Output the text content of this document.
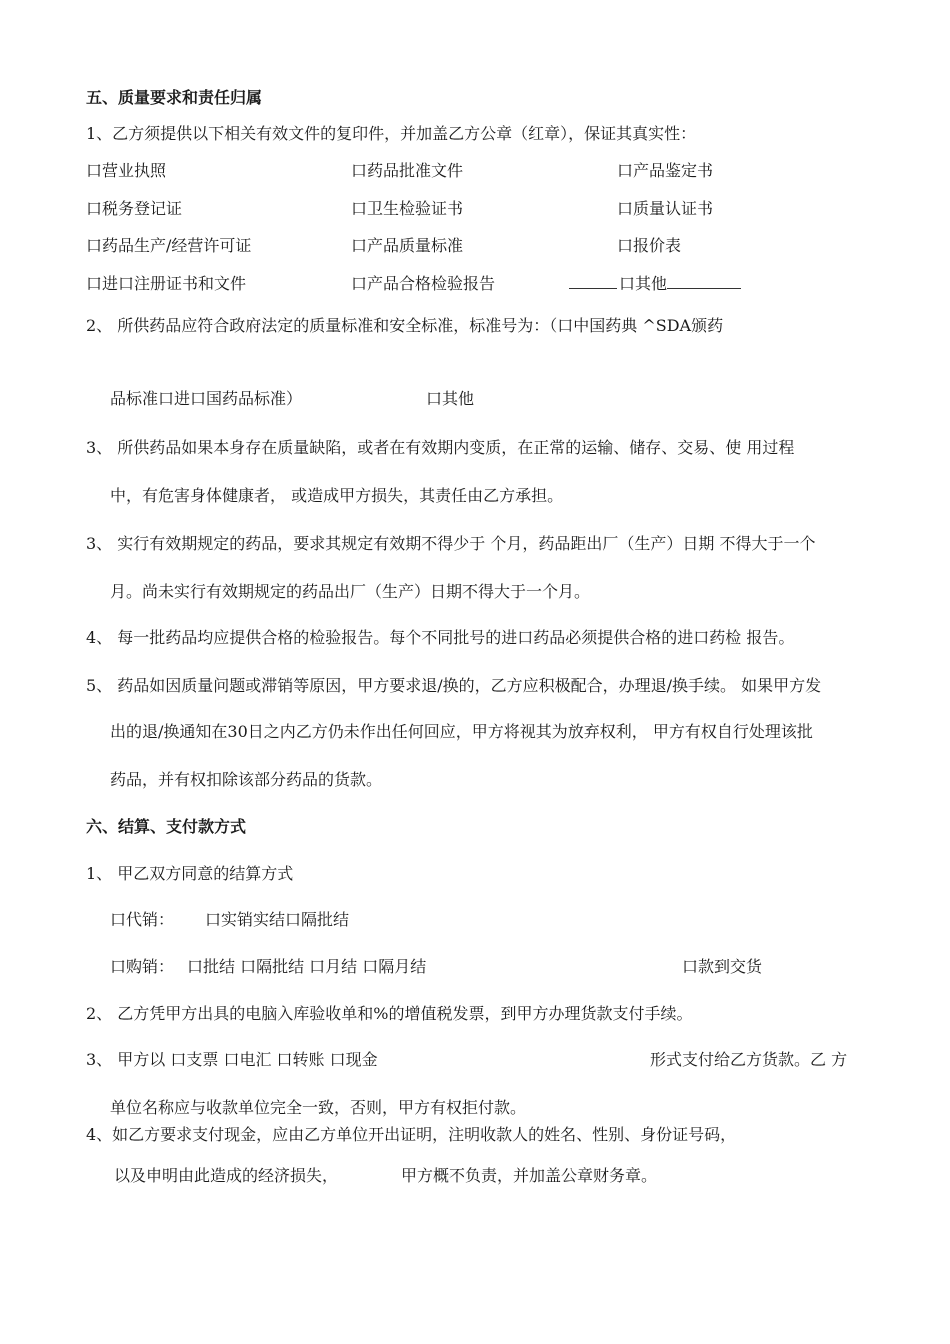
五、质量要求和责任归属
1、乙方须提供以下相关有效文件的复印件，并加盖乙方公章（红章），保证其真实性：
口营业执照	口药品批准文件	口产品鉴定书
口税务登记证	口卫生检验证书	口质量认证书
口药品生产/经营许可证	口产品质量标准	口报价表
口进口注册证书和文件	口产品合格检验报告	口其他
2、 所供药品应符合政府法定的质量标准和安全标准，标准号为：（口中国药典 ^SDA颁药
品标准口进口国药品标准）	口其他
3、 所供药品如果本身存在质量缺陷，或者在有效期内变质，在正常的运输、储存、交易、使 用过程
中，有危害身体健康者， 或造成甲方损失，其责任由乙方承担。
3、 实行有效期规定的药品，要求其规定有效期不得少于 个月，药品距出厂（生产）日期 不得大于一个
月。尚未实行有效期规定的药品出厂（生产）日期不得大于一个月。
4、 每一批药品均应提供合格的检验报告。每个不同批号的进口药品必须提供合格的进口药检 报告。
5、 药品如因质量问题或滞销等原因，甲方要求退/换的，乙方应积极配合，办理退/换手续。 如果甲方发
出的退/换通知在30日之内乙方仍未作出任何回应，甲方将视其为放弃权利， 甲方有权自行处理该批
药品，并有权扣除该部分药品的货款。
六、结算、支付款方式
1、 甲乙双方同意的结算方式
口代销： 口实销实结口隔批结
口购销： 口批结 口隔批结 口月结 口隔月结	口款到交货
2、 乙方凭甲方出具的电脑入库验收单和%的增值税发票，到甲方办理货款支付手续。
3、 甲方以 口支票 口电汇 口转账 口现金	形式支付给乙方货款。乙 方
单位名称应与收款单位完全一致，否则，甲方有权拒付款。
4、如乙方要求支付现金，应由乙方单位开出证明，注明收款人的姓名、性别、身份证号码，
以及申明由此造成的经济损失，	甲方概不负责，并加盖公章财务章。
